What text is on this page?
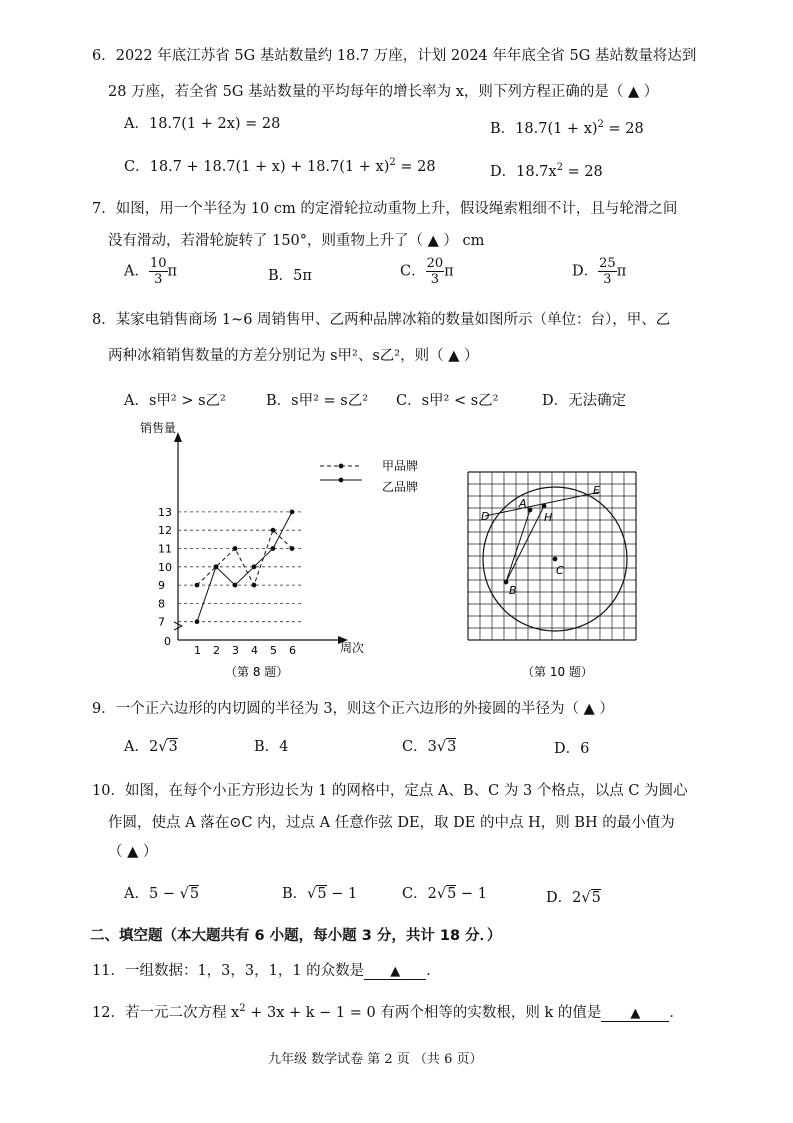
6．2022 年底江苏省 5G 基站数量约 18.7 万座，计划 2024 年年底全省 5G 基站数量将达到
28 万座，若全省 5G 基站数量的平均每年的增长率为 x，则下列方程正确的是（ ▲ ）
A．18.7(1 + 2x) = 28	B．$18.7(1 + x)^2 = 28$
C．$18.7 + 18.7(1 + x) + 18.7(1 + x)^2 = 28$	D．$18.7x^2 = 28$
7．如图，用一个半径为 10 cm 的定滑轮拉动重物上升，假设绳索粗细不计，且与轮滑之间
没有滑动，若滑轮旋转了 150°，则重物上升了（ ▲ ） cm
A． $\frac{10}{3}$ π	B．5π	C． $\frac{20}{3}$ π	D． $\frac{25}{3}$ π
8．某家电销售商场 1~6 周销售甲、乙两种品牌冰箱的数量如图所示（单位：台），甲、乙
两种冰箱销售数量的方差分别记为 s甲²、s乙²，则（ ▲ ）
A．s甲² > s乙²	B．s甲² = s乙² C．s甲² < s乙²	D．无法确定
销售量
周次
0
7
8
9
10
11
12
13
1 2 3 4 5 6
甲品牌
乙品牌
（第 8 题）
A
B
C
D
E
H
（第 10 题）
9．一个正六边形的内切圆的半径为 3，则这个正六边形的外接圆的半径为（ ▲ ）
A．2√3	B．4	C．3√3	D．6
10．如图，在每个小正方形边长为 1 的网格中，定点 A、B、C 为 3 个格点，以点 C 为圆心
作圆，使点 A 落在⊙C 内，过点 A 任意作弦 DE，取 DE 的中点 H，则 BH 的最小值为
（ ▲ ）
A．5 − √5	B．√5 − 1	C．2√5 − 1	D．2√5
二、填空题（本大题共有 6 小题，每小题 3 分，共计 18 分．）
11．一组数据：1，3，3，1，1 的众数是 ▲ ．
12．若一元二次方程 $x^2 + 3x + k - 1 = 0$ 有两个相等的实数根，则 k 的值是 ▲ ．
九年级 数学试卷 第 2 页 （共 6 页）
